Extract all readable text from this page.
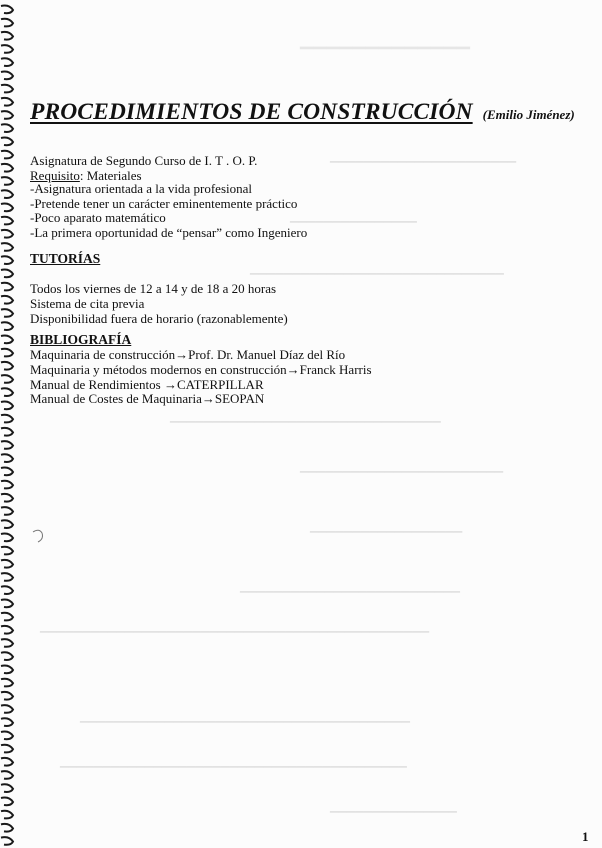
▁▁▁▁▁▁▁▁▁▁▁▁▁
▁▁▁▁▁▁▁▁▁▁▁▁▁▁▁▁▁▁▁▁▁▁
▁▁▁▁▁▁▁▁▁▁▁▁▁▁▁
▁▁▁▁▁▁▁▁▁▁▁▁▁▁▁▁▁▁▁▁▁▁▁▁▁▁▁▁▁▁
▁▁▁▁▁▁▁▁▁▁▁▁▁▁▁▁▁▁▁▁▁▁▁▁▁▁▁▁▁▁▁▁
▁▁▁▁▁▁▁▁▁▁▁▁▁▁▁▁▁▁▁▁▁▁▁▁
▁▁▁▁▁▁▁▁▁▁▁▁▁▁▁▁▁▁
▁▁▁▁▁▁▁▁▁▁▁▁▁▁▁▁▁▁▁▁▁▁▁▁▁▁
▁▁▁▁▁▁▁▁▁▁▁▁▁▁▁▁▁▁▁▁▁▁▁▁▁▁▁▁▁▁▁▁▁▁▁▁▁▁▁▁▁▁▁▁▁▁
▁▁▁▁▁▁▁▁▁▁▁▁▁▁▁▁▁▁▁▁▁▁▁▁▁▁▁▁▁▁▁▁▁▁▁▁▁▁▁
▁▁▁▁▁▁▁▁▁▁▁▁▁▁▁▁▁▁▁▁▁▁▁▁▁▁▁▁▁▁▁▁▁▁▁▁▁▁▁▁▁
▁▁▁▁▁▁▁▁▁▁▁▁▁▁▁
PROCEDIMIENTOS DE CONSTRUCCIÓN (Emilio Jiménez)
Asignatura de Segundo Curso de I. T . O. P.
Requisito: Materiales
-Asignatura orientada a la vida profesional
-Pretende tener un carácter eminentemente práctico
-Poco aparato matemático
-La primera oportunidad de “pensar” como Ingeniero
TUTORÍAS
Todos los viernes de 12 a 14 y de 18 a 20 horas
Sistema de cita previa
Disponibilidad fuera de horario (razonablemente)
BIBLIOGRAFÍA
Maquinaria de construcción→Prof. Dr. Manuel Díaz del Río
Maquinaria y métodos modernos en construcción→Franck Harris
Manual de Rendimientos →CATERPILLAR
Manual de Costes de Maquinaria→SEOPAN
1
